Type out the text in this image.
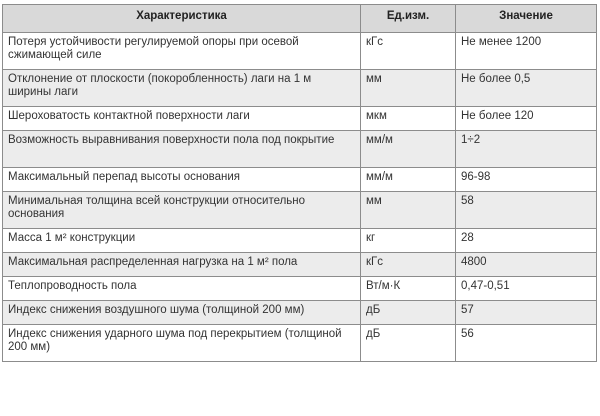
Характеристика	Ед.изм.	Значение
Потеря устойчивости регулируемой опоры при осевой сжимающей силе	кГс	Не менее 1200
Отклонение от плоскости (покоробленность) лаги на 1 м ширины лаги	мм	Не более 0,5
Шероховатость контактной поверхности лаги	мкм	Не более 120
Возможность выравнивания поверхности пола под покрытие	мм/м	1÷2
Максимальный перепад высоты основания	мм/м	96-98
Минимальная толщина всей конструкции относительно основания	мм	58
Масса 1 м² конструкции	кг	28
Максимальная распределенная нагрузка на 1 м² пола	кГс	4800
Теплопроводность пола	Вт/м·К	0,47-0,51
Индекс снижения воздушного шума (толщиной 200 мм)	дБ	57
Индекс снижения ударного шума под перекрытием (толщиной 200 мм)	дБ	56
